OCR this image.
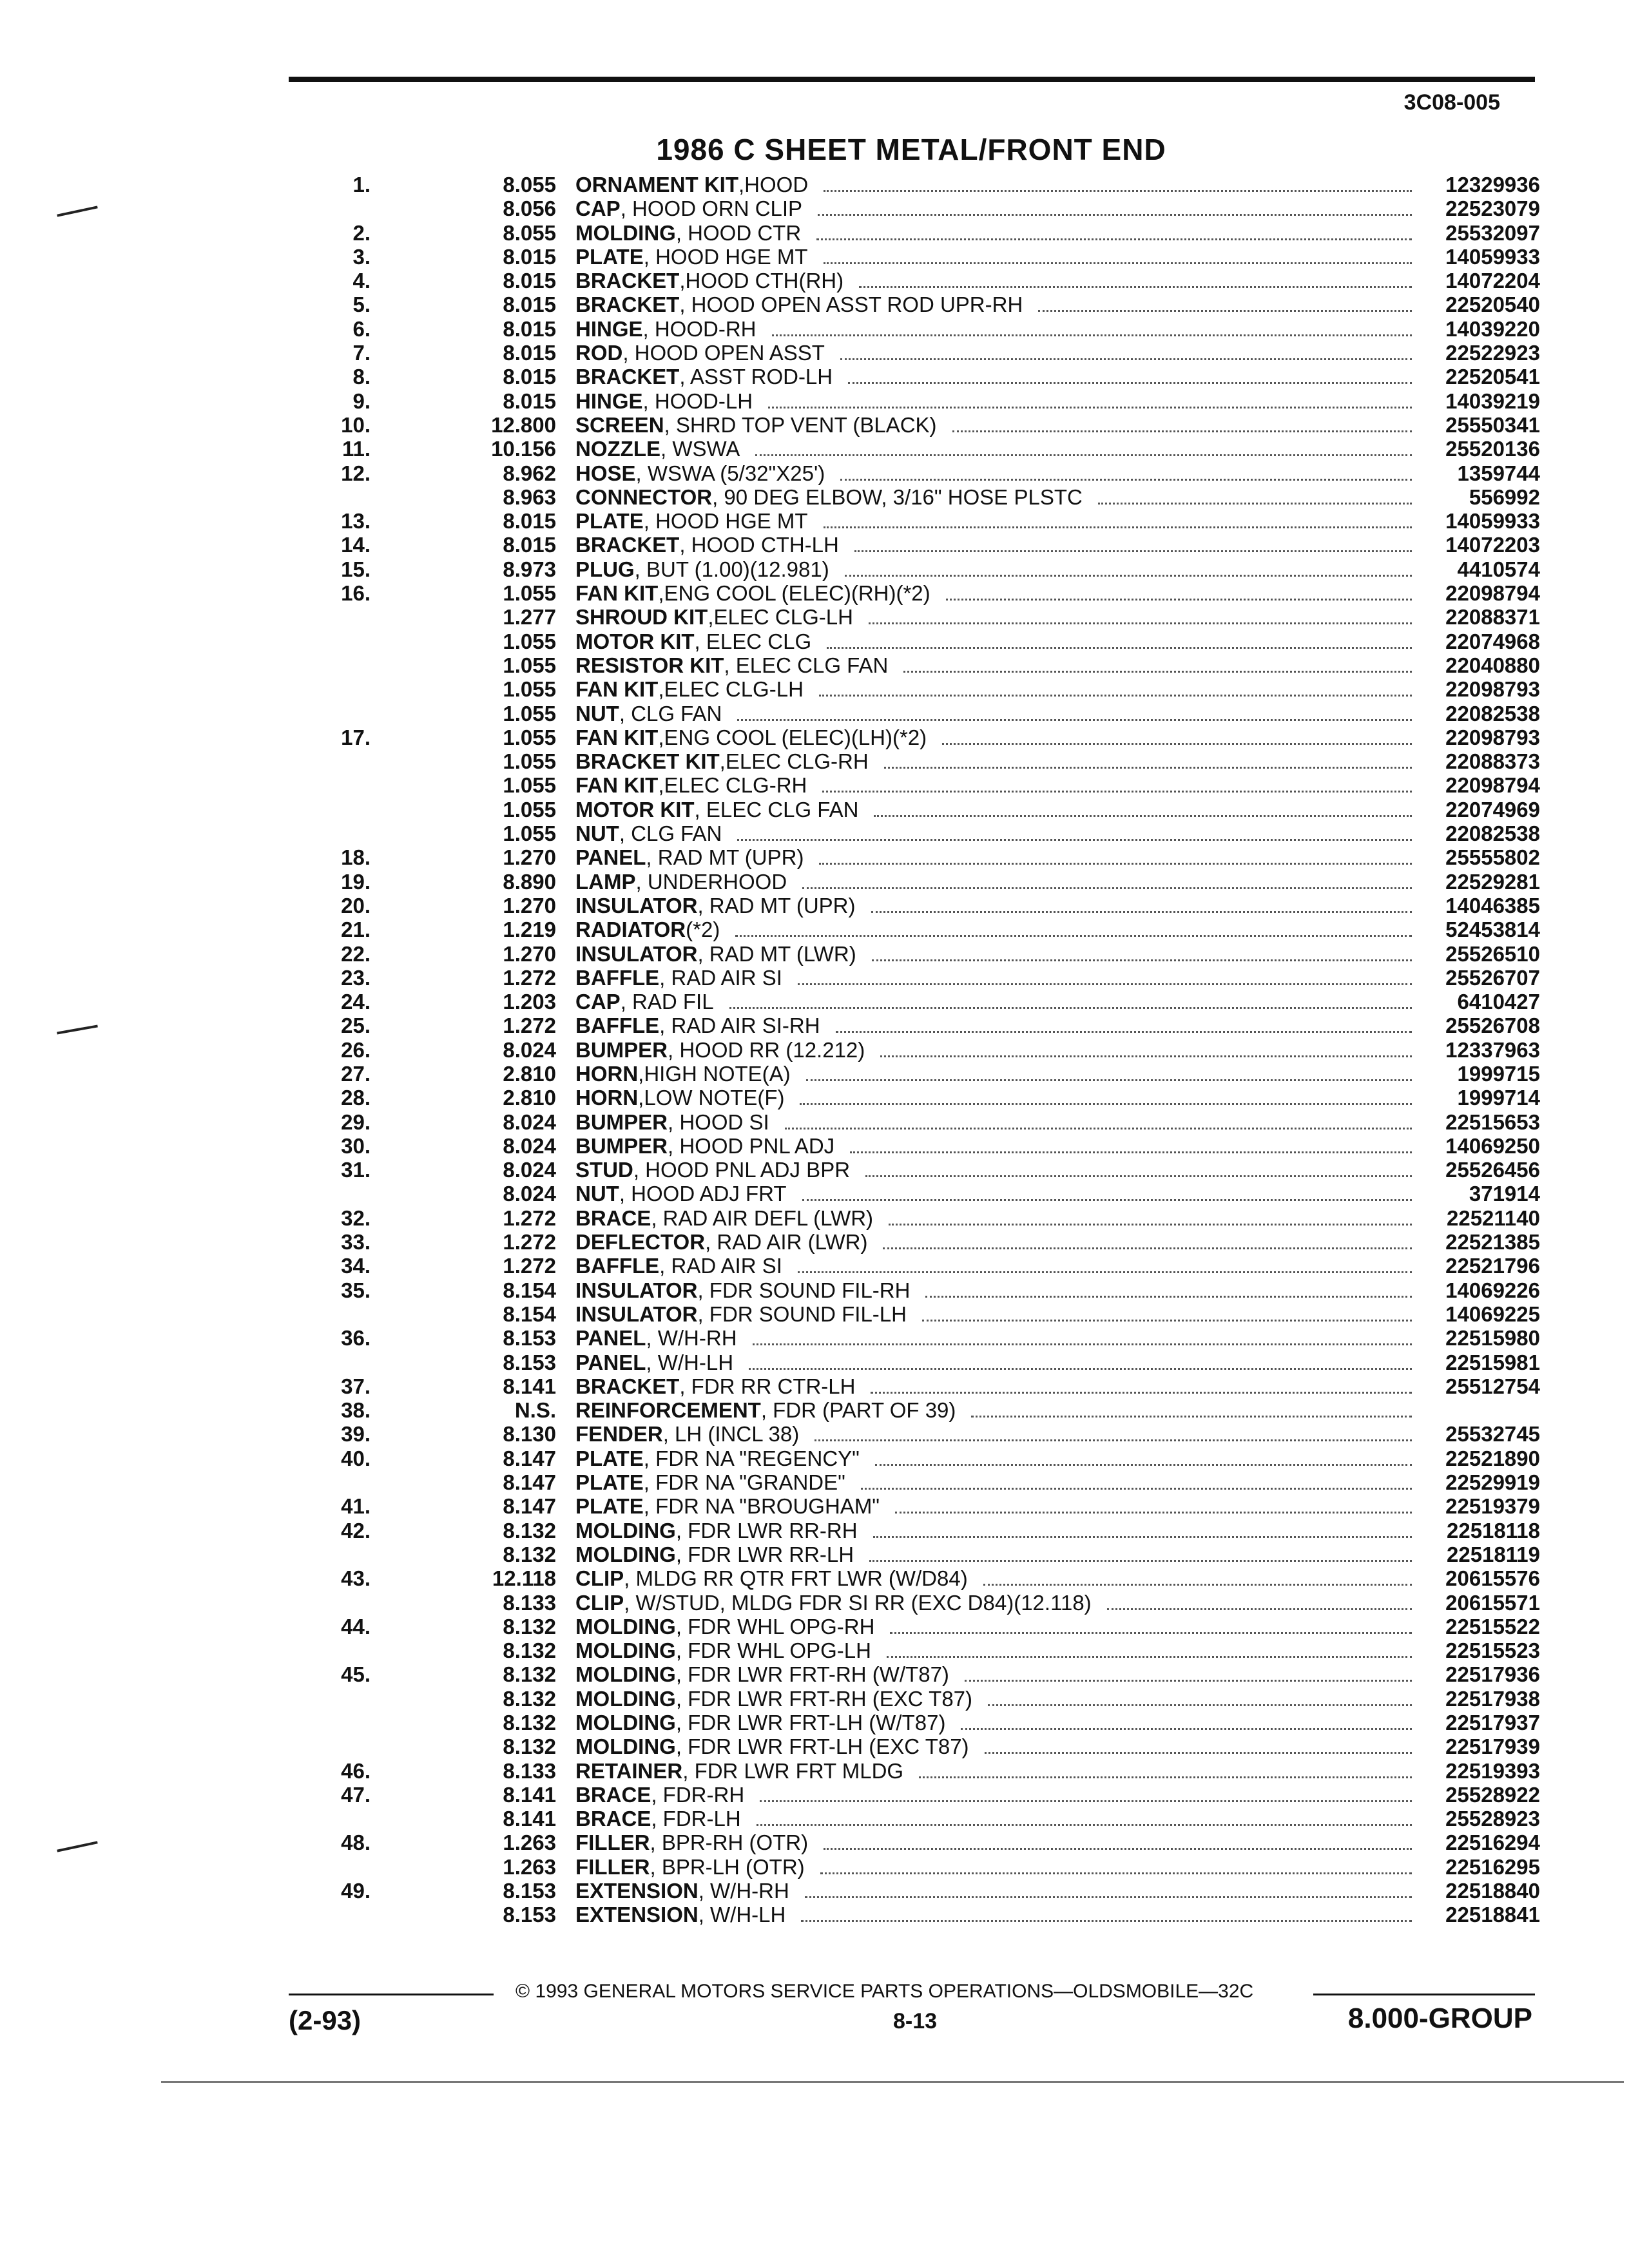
3C08-005
1986 C SHEET METAL/FRONT END
1.	8.055 ORNAMENT KIT ,HOOD	12329936
8.056 CAP , HOOD ORN CLIP	22523079
2.	8.055 MOLDING , HOOD CTR	25532097
3.	8.015 PLATE , HOOD HGE MT	14059933
4.	8.015 BRACKET ,HOOD CTH(RH)	14072204
5.	8.015 BRACKET , HOOD OPEN ASST ROD UPR-RH	22520540
6.	8.015 HINGE , HOOD-RH	14039220
7.	8.015 ROD , HOOD OPEN ASST	22522923
8.	8.015 BRACKET , ASST ROD-LH	22520541
9.	8.015 HINGE , HOOD-LH	14039219
10.	12.800 SCREEN , SHRD TOP VENT (BLACK)	25550341
11.	10.156 NOZZLE , WSWA	25520136
12.	8.962 HOSE , WSWA (5/32"X25')	1359744
8.963 CONNECTOR , 90 DEG ELBOW, 3/16" HOSE PLSTC	556992
13.	8.015 PLATE , HOOD HGE MT	14059933
14.	8.015 BRACKET , HOOD CTH-LH	14072203
15.	8.973 PLUG , BUT (1.00)(12.981)	4410574
16.	1.055 FAN KIT ,ENG COOL (ELEC)(RH)(*2)	22098794
1.277 SHROUD KIT ,ELEC CLG-LH	22088371
1.055 MOTOR KIT , ELEC CLG	22074968
1.055 RESISTOR KIT , ELEC CLG FAN	22040880
1.055 FAN KIT ,ELEC CLG-LH	22098793
1.055 NUT , CLG FAN	22082538
17.	1.055 FAN KIT ,ENG COOL (ELEC)(LH)(*2)	22098793
1.055 BRACKET KIT ,ELEC CLG-RH	22088373
1.055 FAN KIT ,ELEC CLG-RH	22098794
1.055 MOTOR KIT , ELEC CLG FAN	22074969
1.055 NUT , CLG FAN	22082538
18.	1.270 PANEL , RAD MT (UPR)	25555802
19.	8.890 LAMP , UNDERHOOD	22529281
20.	1.270 INSULATOR , RAD MT (UPR)	14046385
21.	1.219 RADIATOR (*2)	52453814
22.	1.270 INSULATOR , RAD MT (LWR)	25526510
23.	1.272 BAFFLE , RAD AIR SI	25526707
24.	1.203 CAP , RAD FIL	6410427
25.	1.272 BAFFLE , RAD AIR SI-RH	25526708
26.	8.024 BUMPER , HOOD RR (12.212)	12337963
27.	2.810 HORN ,HIGH NOTE(A)	1999715
28.	2.810 HORN ,LOW NOTE(F)	1999714
29.	8.024 BUMPER , HOOD SI	22515653
30.	8.024 BUMPER , HOOD PNL ADJ	14069250
31.	8.024 STUD , HOOD PNL ADJ BPR	25526456
8.024 NUT , HOOD ADJ FRT	371914
32.	1.272 BRACE , RAD AIR DEFL (LWR)	22521140
33.	1.272 DEFLECTOR , RAD AIR (LWR)	22521385
34.	1.272 BAFFLE , RAD AIR SI	22521796
35.	8.154 INSULATOR , FDR SOUND FIL-RH	14069226
8.154 INSULATOR , FDR SOUND FIL-LH	14069225
36.	8.153 PANEL , W/H-RH	22515980
8.153 PANEL , W/H-LH	22515981
37.	8.141 BRACKET , FDR RR CTR-LH	25512754
38.	N.S. REINFORCEMENT , FDR (PART OF 39)
39.	8.130 FENDER , LH (INCL 38)	25532745
40.	8.147 PLATE , FDR NA "REGENCY"	22521890
8.147 PLATE , FDR NA "GRANDE"	22529919
41.	8.147 PLATE , FDR NA "BROUGHAM"	22519379
42.	8.132 MOLDING , FDR LWR RR-RH	22518118
8.132 MOLDING , FDR LWR RR-LH	22518119
43.	12.118 CLIP , MLDG RR QTR FRT LWR (W/D84)	20615576
8.133 CLIP , W/STUD, MLDG FDR SI RR (EXC D84)(12.118)	20615571
44.	8.132 MOLDING , FDR WHL OPG-RH	22515522
8.132 MOLDING , FDR WHL OPG-LH	22515523
45.	8.132 MOLDING , FDR LWR FRT-RH (W/T87)	22517936
8.132 MOLDING , FDR LWR FRT-RH (EXC T87)	22517938
8.132 MOLDING , FDR LWR FRT-LH (W/T87)	22517937
8.132 MOLDING , FDR LWR FRT-LH (EXC T87)	22517939
46.	8.133 RETAINER , FDR LWR FRT MLDG	22519393
47.	8.141 BRACE , FDR-RH	25528922
8.141 BRACE , FDR-LH	25528923
48.	1.263 FILLER , BPR-RH (OTR)	22516294
1.263 FILLER , BPR-LH (OTR)	22516295
49.	8.153 EXTENSION , W/H-RH	22518840
8.153 EXTENSION , W/H-LH	22518841
© 1993 GENERAL MOTORS SERVICE PARTS OPERATIONS—OLDSMOBILE—32C
(2-93)	8-13	8.000-GROUP
